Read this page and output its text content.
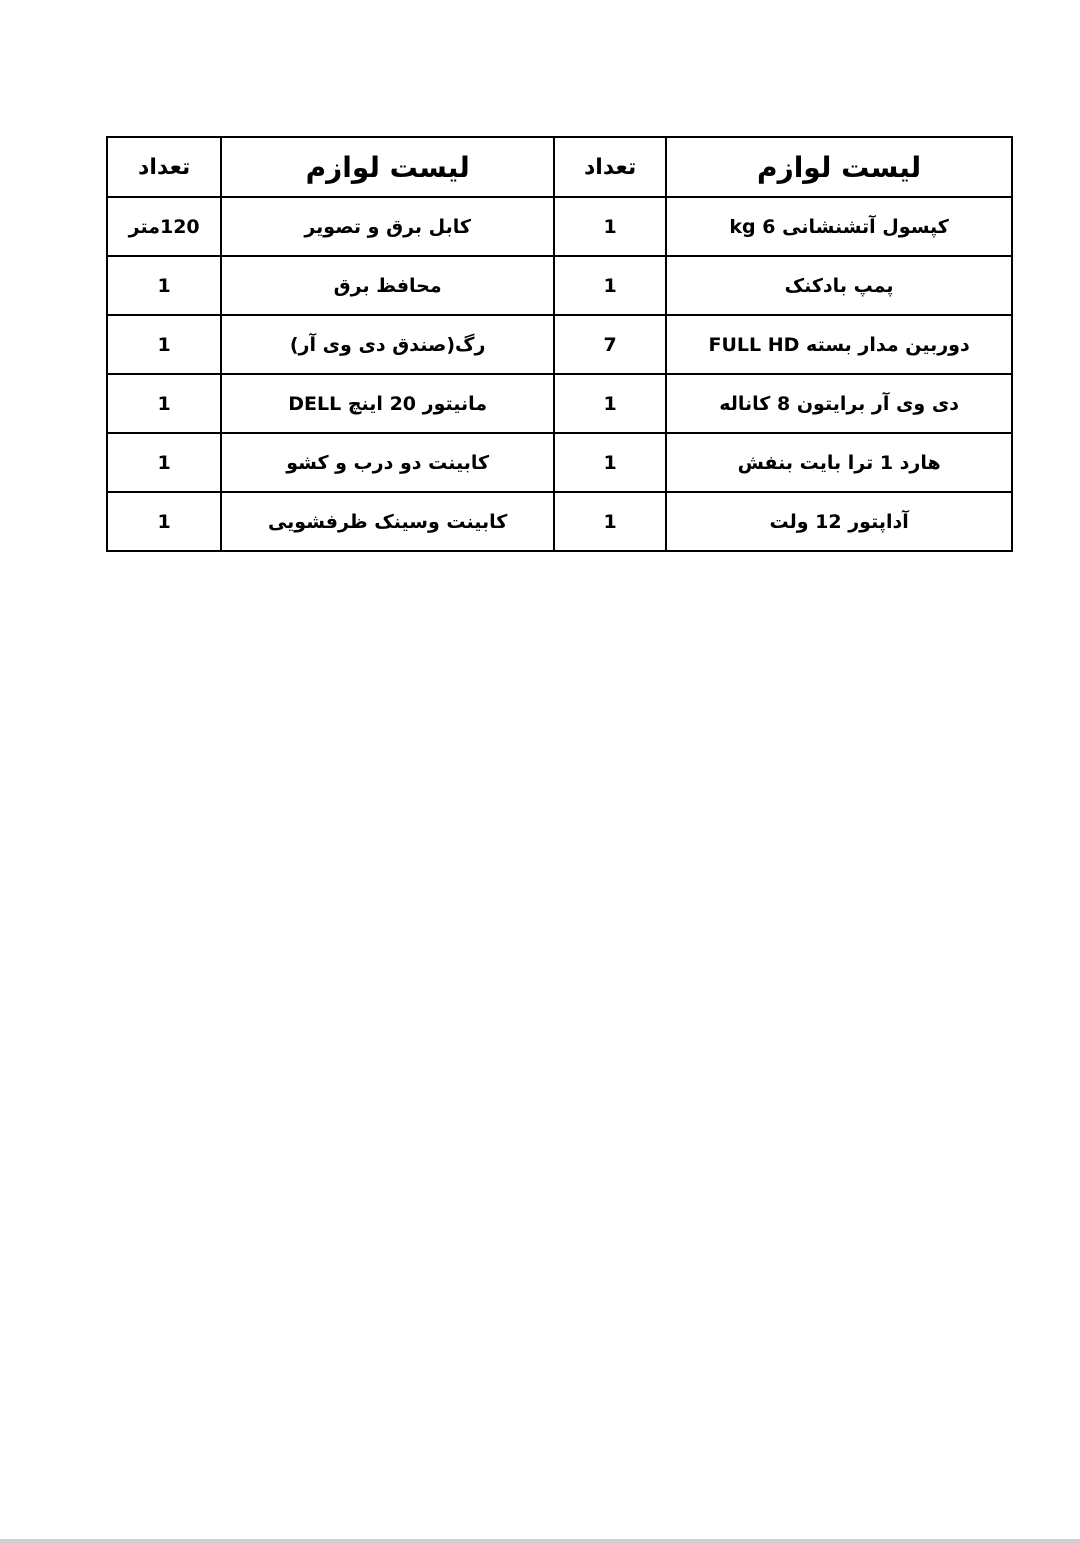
لیست لوازم	تعداد	لیست لوازم	تعداد
کپسول آتشنشانی 6 kg	1	کابل برق و تصویر	120متر
پمپ بادکنک	1	محافظ برق	1
دوربین مدار بسته FULL HD	7	رگ(صندق دی وی آر)	1
دی وی آر برایتون 8 کاناله	1	مانیتور 20 اینچ DELL	1
هارد 1 ترا بایت بنفش	1	کابینت دو درب و کشو	1
آداپتور 12 ولت	1	کابینت وسینک ظرفشویی	1
